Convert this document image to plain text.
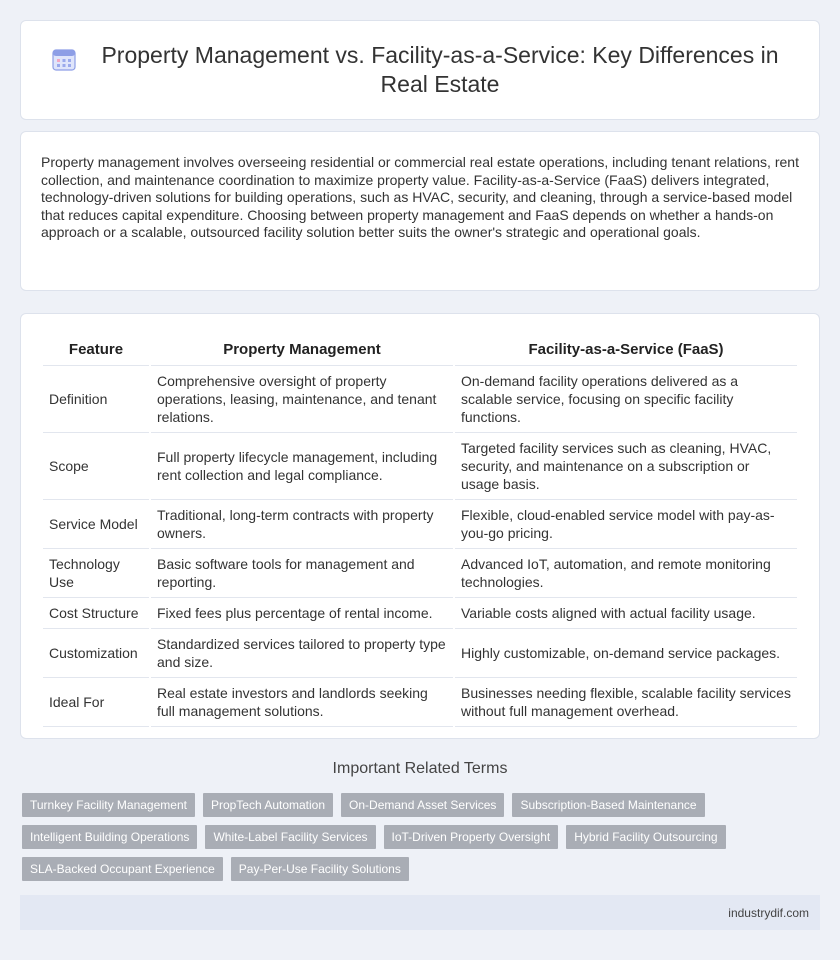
Property Management vs. Facility-as-a-Service: Key Differences in Real Estate

Property management involves overseeing residential or commercial real estate operations, including tenant relations, rent collection, and maintenance coordination to maximize property value. Facility-as-a-Service (FaaS) delivers integrated, technology-driven solutions for building operations, such as HVAC, security, and cleaning, through a service-based model that reduces capital expenditure. Choosing between property management and FaaS depends on whether a hands-on approach or a scalable, outsourced facility solution better suits the owner's strategic and operational goals.

Feature	Property Management	Facility-as-a-Service (FaaS)
Definition	Comprehensive oversight of property operations, leasing, maintenance, and tenant relations.	On-demand facility operations delivered as a scalable service, focusing on specific facility functions.
Scope	Full property lifecycle management, including rent collection and legal compliance.	Targeted facility services such as cleaning, HVAC, security, and maintenance on a subscription or usage basis.
Service Model	Traditional, long-term contracts with property owners.	Flexible, cloud-enabled service model with pay-as-you-go pricing.
Technology Use	Basic software tools for management and reporting.	Advanced IoT, automation, and remote monitoring technologies.
Cost Structure	Fixed fees plus percentage of rental income.	Variable costs aligned with actual facility usage.
Customization	Standardized services tailored to property type and size.	Highly customizable, on-demand service packages.
Ideal For	Real estate investors and landlords seeking full management solutions.	Businesses needing flexible, scalable facility services without full management overhead.
Important Related Terms
Turnkey Facility Management	PropTech Automation	On-Demand Asset Services	Subscription-Based Maintenance
Intelligent Building Operations	White-Label Facility Services	IoT-Driven Property Oversight	Hybrid Facility Outsourcing
SLA-Backed Occupant Experience	Pay-Per-Use Facility Solutions
industrydif.com
